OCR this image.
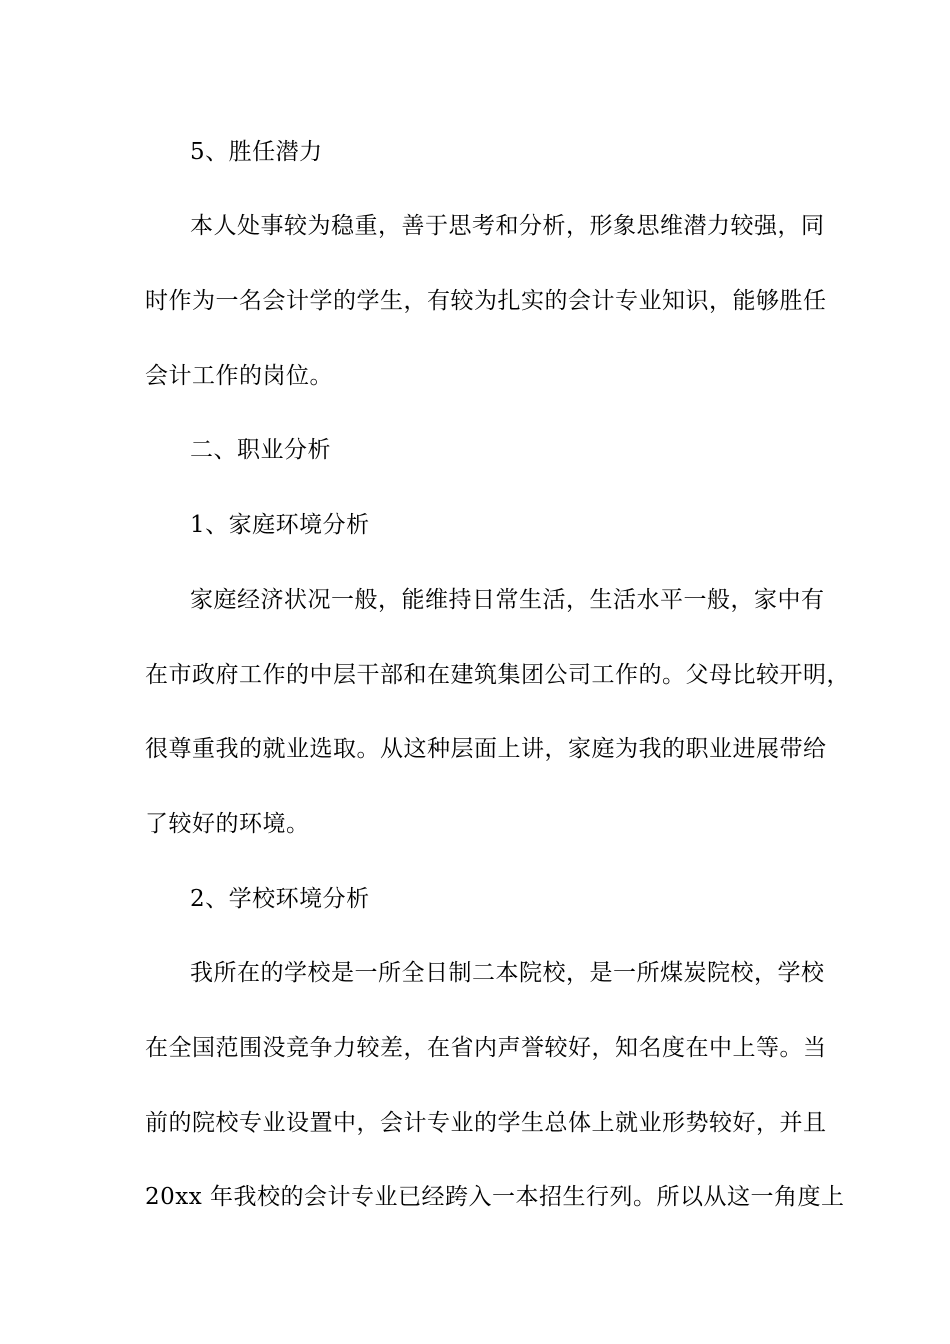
5、胜任潜力
本人处事较为稳重，善于思考和分析，形象思维潜力较强，同
时作为一名会计学的学生，有较为扎实的会计专业知识，能够胜任
会计工作的岗位。
二、职业分析
1、家庭环境分析
家庭经济状况一般，能维持日常生活，生活水平一般，家中有
在市政府工作的中层干部和在建筑集团公司工作的。父母比较开明，
很尊重我的就业选取。从这种层面上讲，家庭为我的职业进展带给
了较好的环境。
2、学校环境分析
我所在的学校是一所全日制二本院校，是一所煤炭院校，学校
在全国范围没竞争力较差，在省内声誉较好，知名度在中上等。当
前的院校专业设置中，会计专业的学生总体上就业形势较好，并且
20xx 年我校的会计专业已经跨入一本招生行列。所以从这一角度上
